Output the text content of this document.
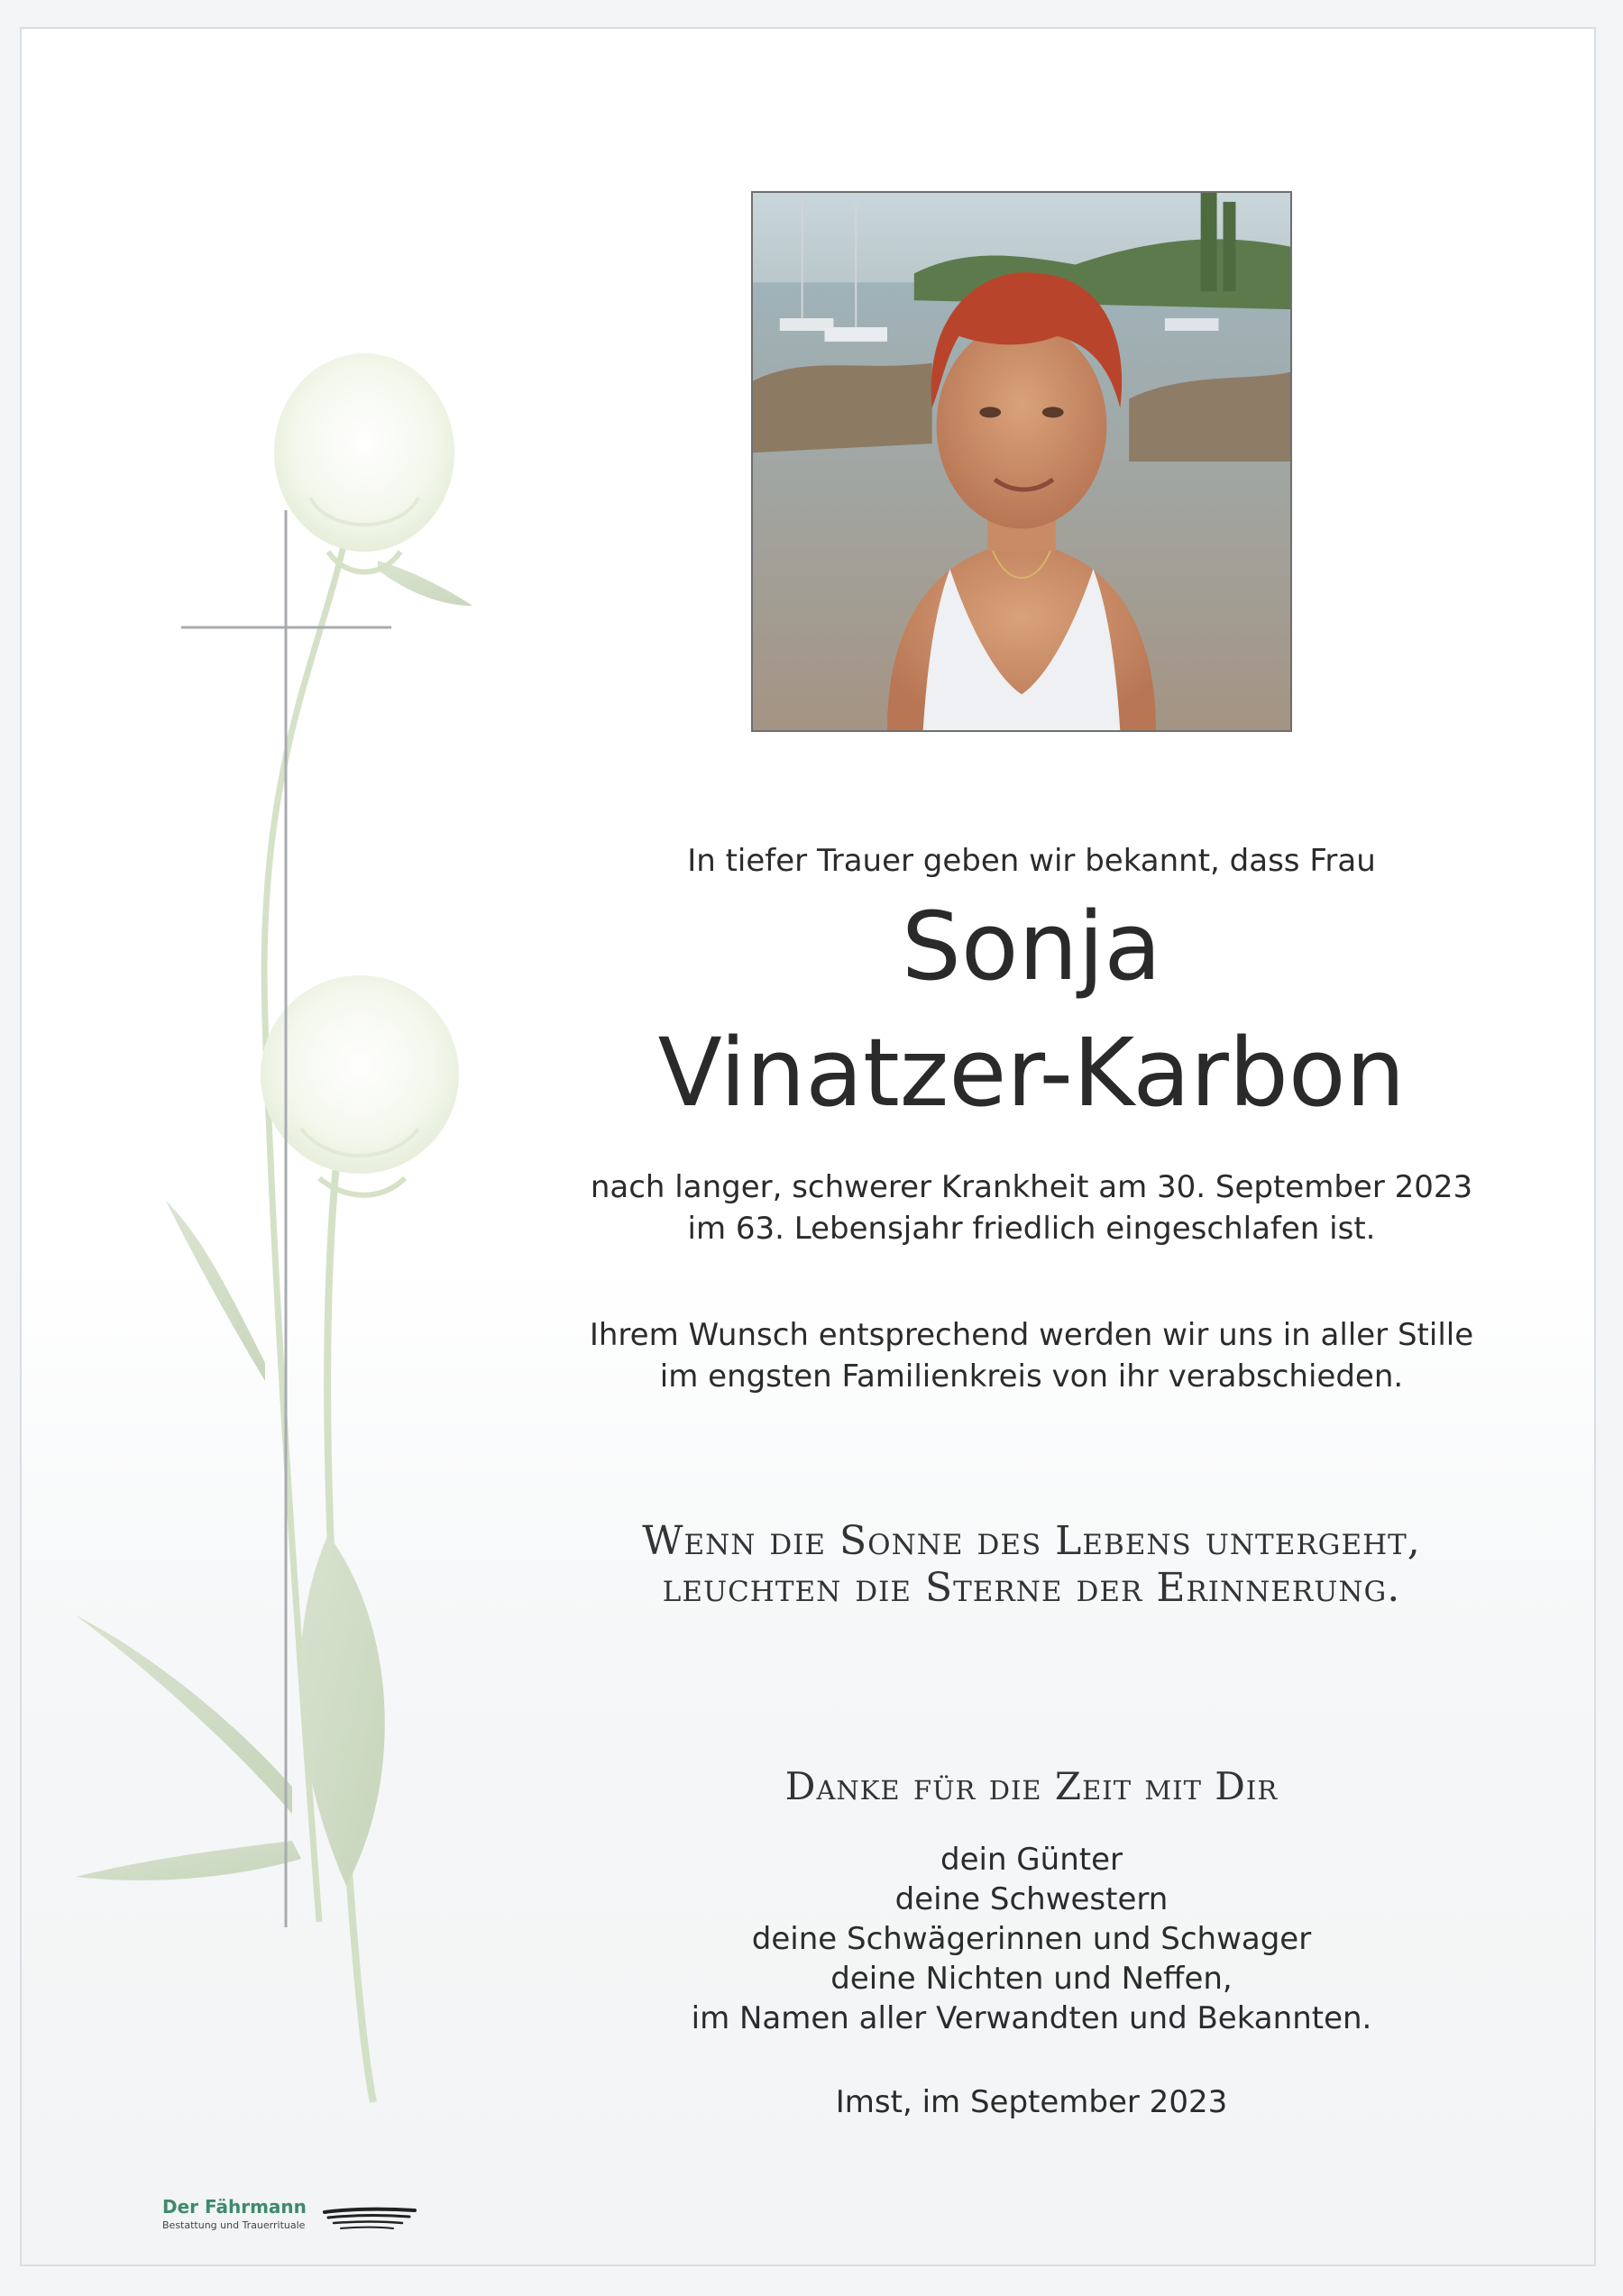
In tiefer Trauer geben wir bekannt, dass Frau
Sonja
Vinatzer-Karbon
nach langer, schwerer Krankheit am 30. September 2023
im 63. Lebensjahr friedlich eingeschlafen ist.
Ihrem Wunsch entsprechend werden wir uns in aller Stille
im engsten Familienkreis von ihr verabschieden.
Wenn die Sonne des Lebens untergeht,
leuchten die Sterne der Erinnerung.
Danke für die Zeit mit Dir
dein Günter
deine Schwestern
deine Schwägerinnen und Schwager
deine Nichten und Neffen,
im Namen aller Verwandten und Bekannten.
Imst, im September 2023
Der Fährmann
Bestattung und Trauerrituale
